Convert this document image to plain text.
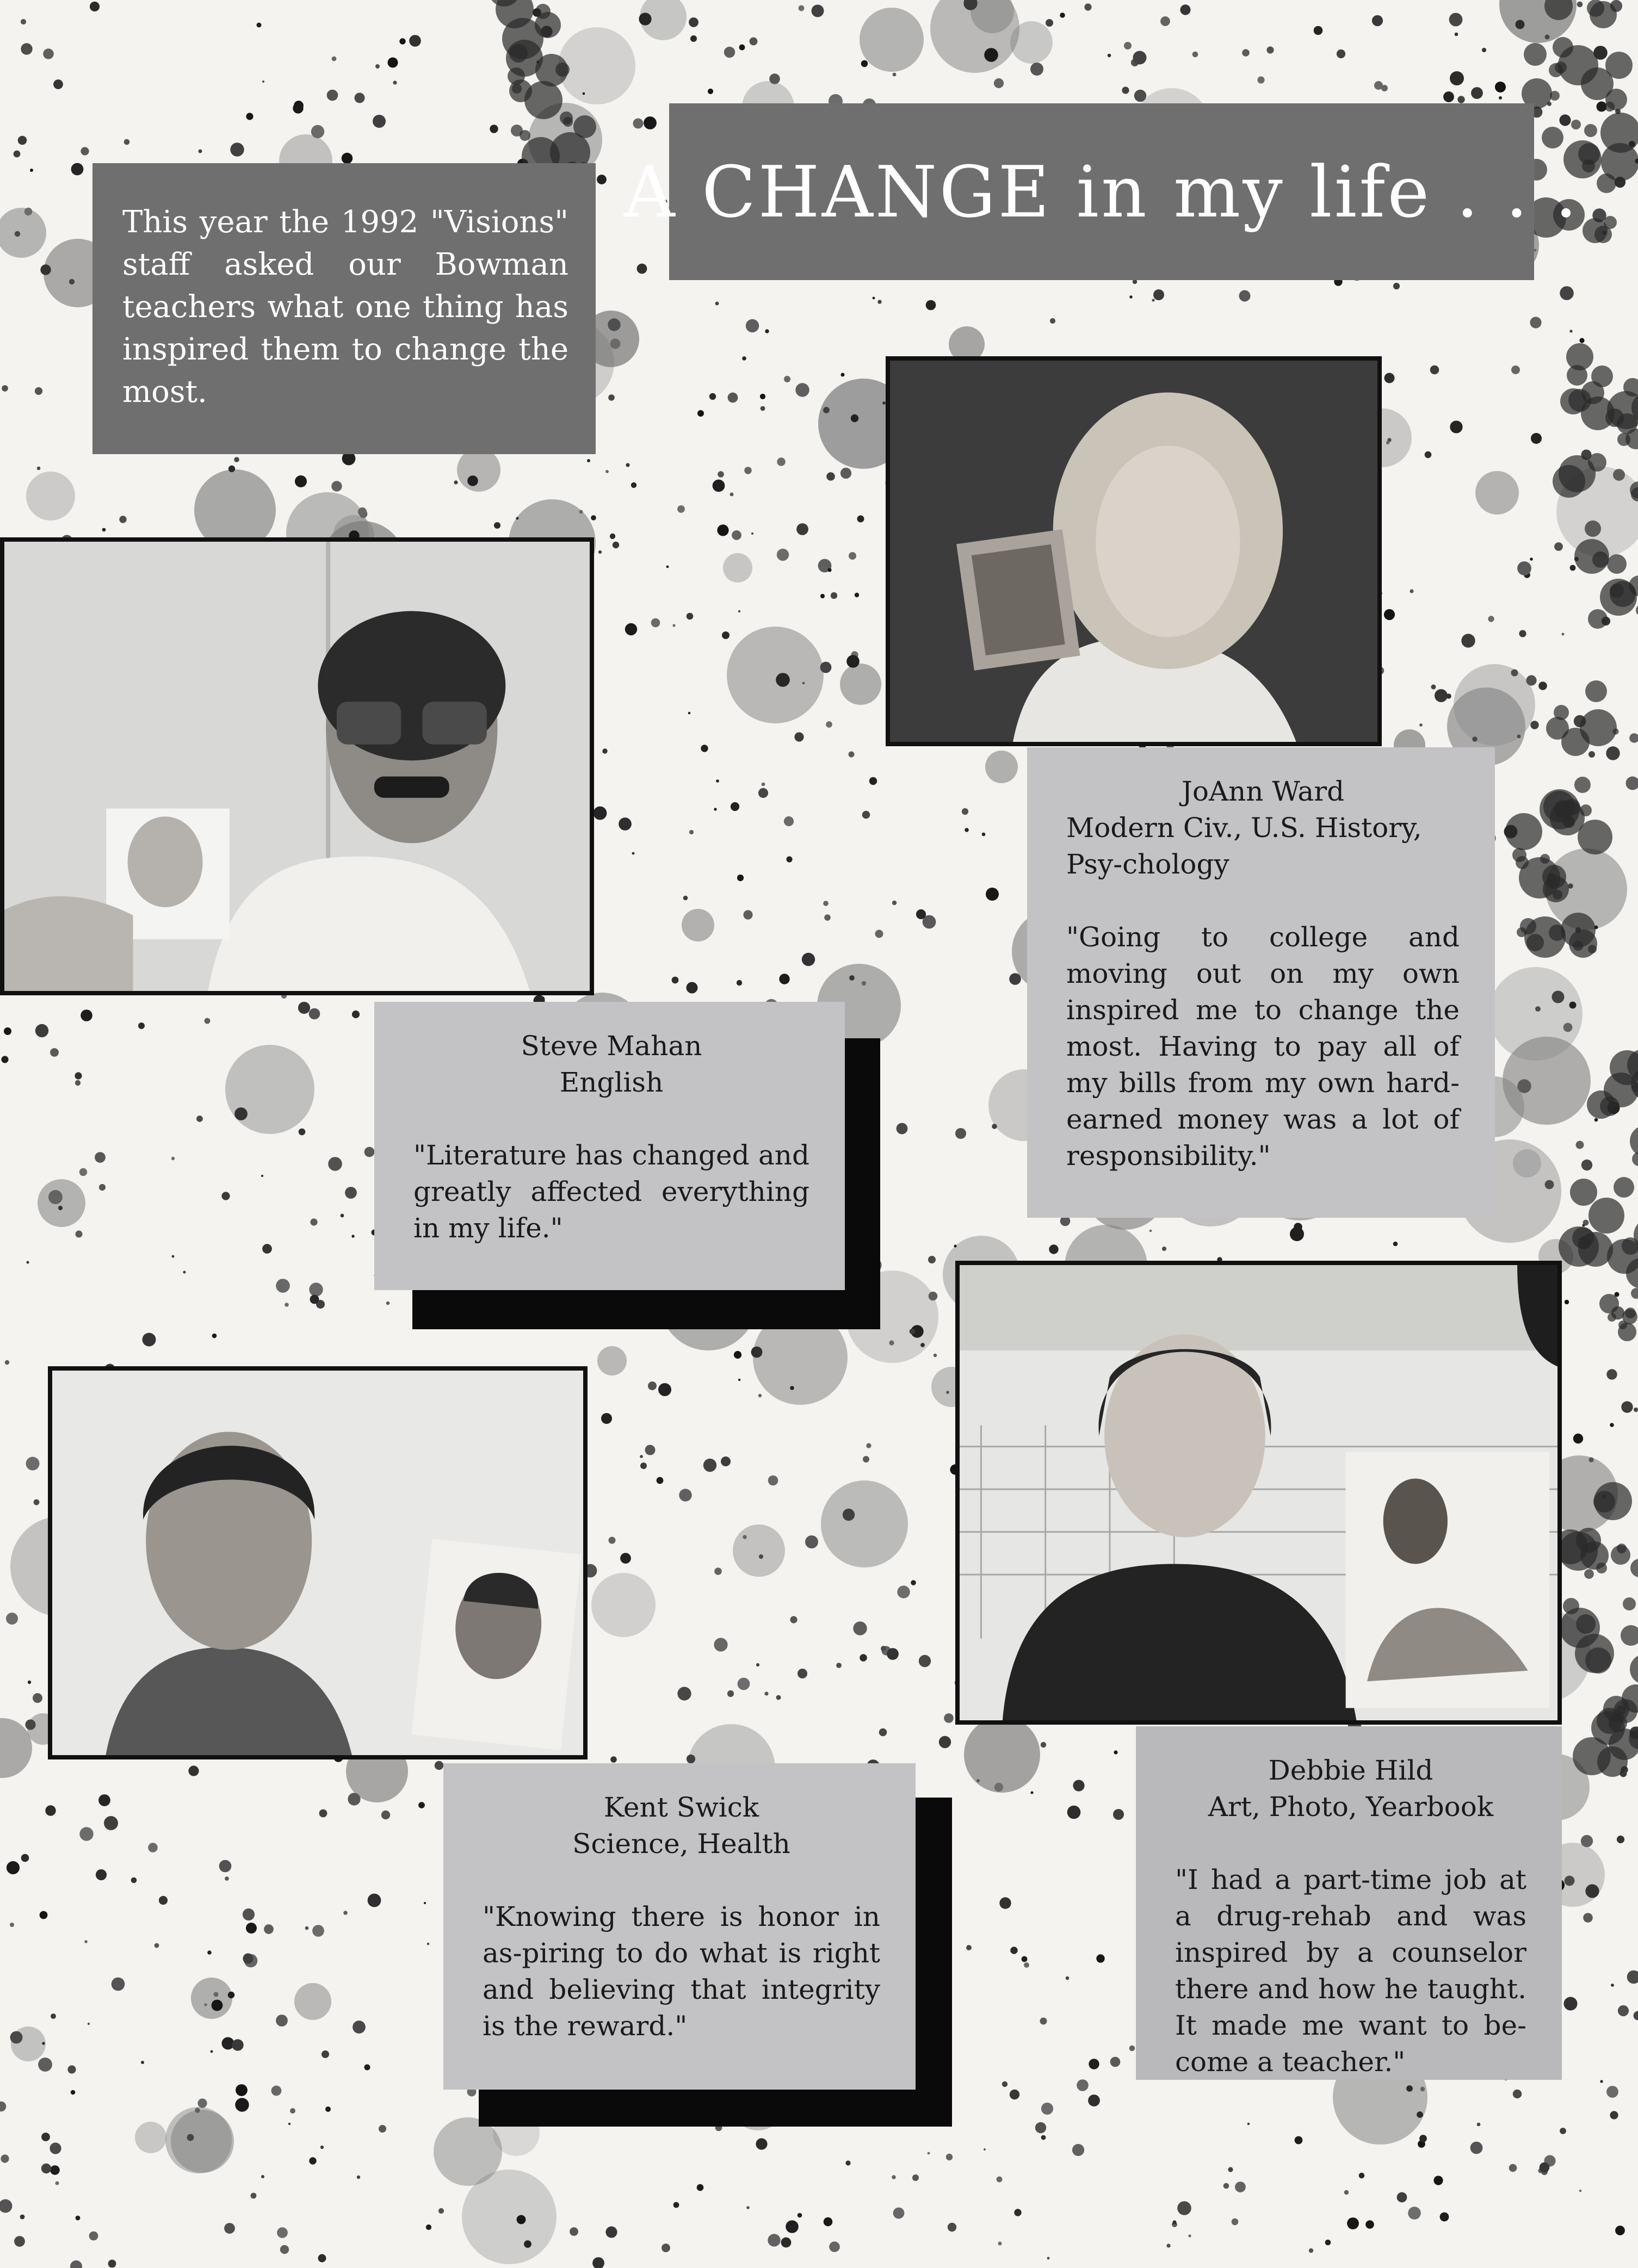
A CHANGE in my life . . .
This year the 1992 "Visions" staff asked our Bowman teachers what one thing has inspired them to change the most.
JoAnn Ward
Modern Civ., U.S. History, Psy-chology
"Going to college and moving out on my own inspired me to change the most. Having to pay all of my bills from my own hard-earned money was a lot of responsibility."
Steve Mahan
English
"Literature has changed and greatly affected everything in my life."
Debbie Hild
Art, Photo, Yearbook
"I had a part-time job at a drug-rehab and was inspired by a counselor there and how he taught. It made me want to be-come a teacher."
Kent Swick
Science, Health
"Knowing there is honor in as-piring to do what is right and believing that integrity is the reward."
